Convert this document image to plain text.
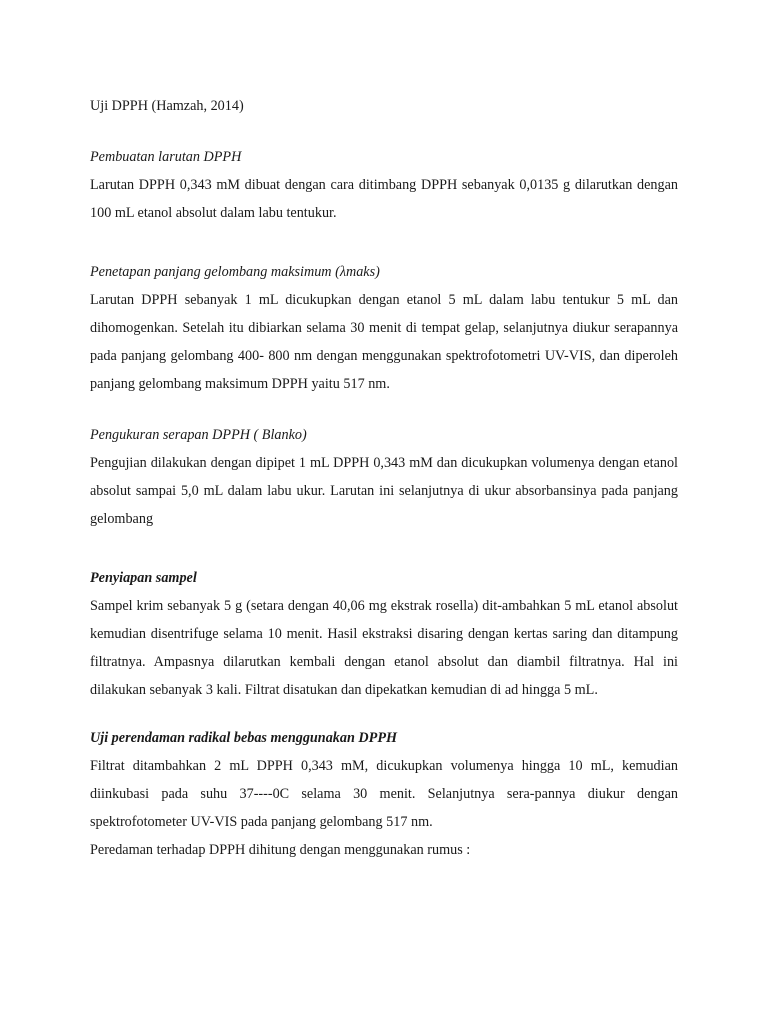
Uji DPPH (Hamzah, 2014)

Pembuatan larutan DPPH

Larutan DPPH 0,343 mM dibuat dengan cara ditimbang DPPH sebanyak 0,0135 g dilarutkan dengan 100 mL etanol absolut dalam labu tentukur.

Penetapan panjang gelombang maksimum (λmaks)

Larutan DPPH sebanyak 1 mL dicukupkan dengan etanol 5 mL dalam labu tentukur 5 mL dan dihomogenkan. Setelah itu dibiarkan selama 30 menit di tempat gelap, selanjutnya diukur serapannya pada panjang gelombang 400- 800 nm dengan menggunakan spektrofotometri UV-VIS, dan diperoleh panjang gelombang maksimum DPPH yaitu 517 nm.

Pengukuran serapan DPPH ( Blanko)

Pengujian dilakukan dengan dipipet 1 mL DPPH 0,343 mM dan dicukupkan volumenya dengan etanol absolut sampai 5,0 mL dalam labu ukur. Larutan ini selanjutnya di ukur absorbansinya pada panjang gelombang

Penyiapan sampel

Sampel krim sebanyak 5 g (setara dengan 40,06 mg ekstrak rosella) dit-ambahkan 5 mL etanol absolut kemudian disentrifuge selama 10 menit. Hasil ekstraksi disaring dengan kertas saring dan ditampung filtratnya. Ampasnya dilarutkan kembali dengan etanol absolut dan diambil filtratnya. Hal ini dilakukan sebanyak 3 kali. Filtrat disatukan dan dipekatkan kemudian di ad hingga 5 mL.

Uji perendaman radikal bebas menggunakan DPPH

Filtrat ditambahkan 2 mL DPPH 0,343 mM, dicukupkan volumenya hingga 10 mL, kemudian diinkubasi pada suhu 37----0C selama 30 menit. Selanjutnya sera-pannya diukur dengan spektrofotometer UV-VIS pada panjang gelombang 517 nm.

Peredaman terhadap DPPH dihitung dengan menggunakan rumus :
